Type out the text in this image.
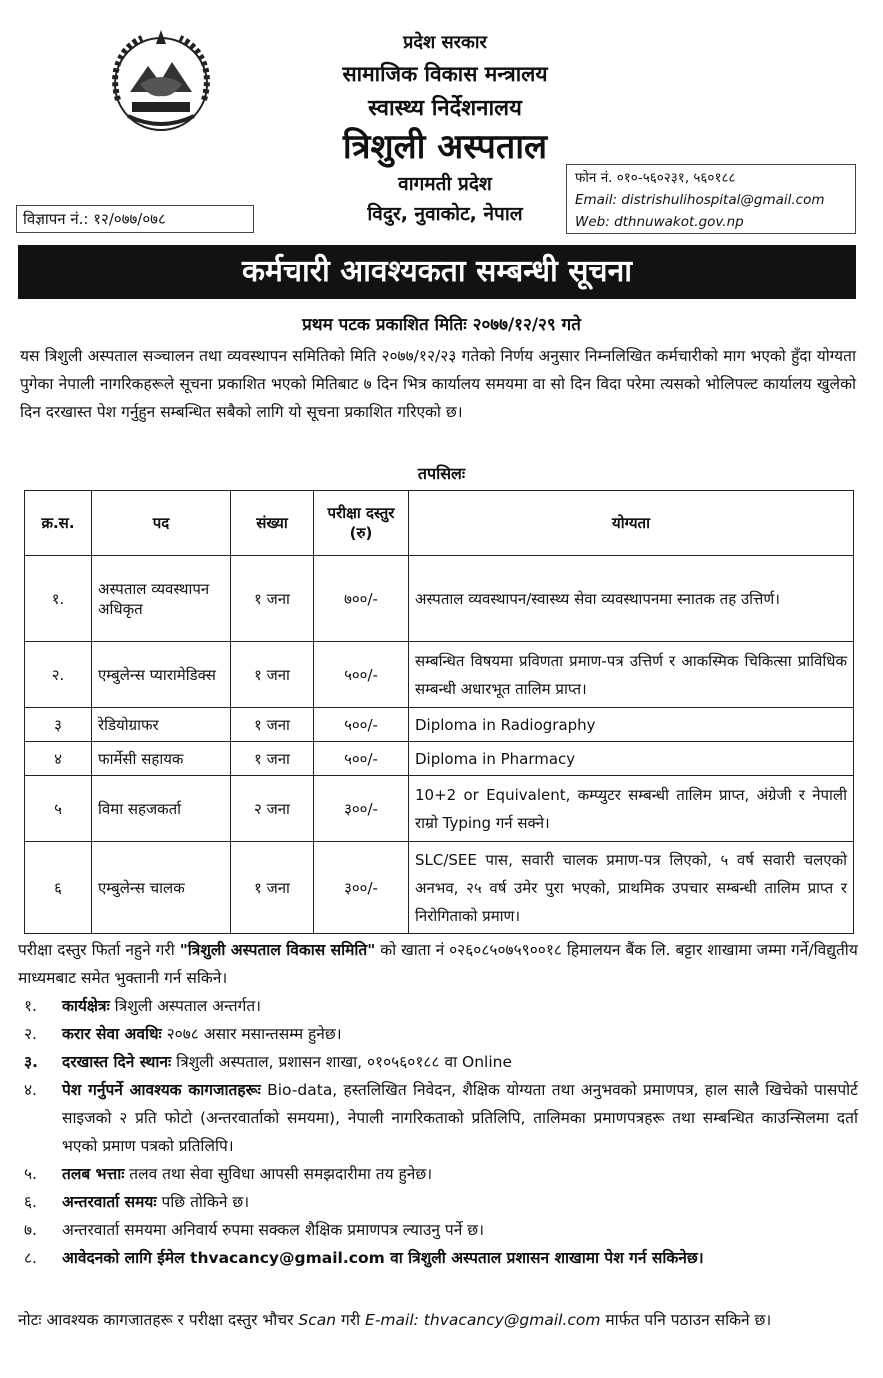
प्रदेश सरकार
सामाजिक विकास मन्त्रालय
स्वास्थ्य निर्देशनालय
त्रिशुली अस्पताल
वागमती प्रदेश
विदुर, नुवाकोट, नेपाल
फोन नं. ०१०-५६०२३१, ५६०१८८
Email: distrishulihospital@gmail.com
Web: dthnuwakot.gov.np
विज्ञापन नं.: १२/०७७/०७८
कर्मचारी आवश्यकता सम्बन्धी सूचना
प्रथम पटक प्रकाशित मितिः २०७७/१२/२९ गते
यस त्रिशुली अस्पताल सञ्चालन तथा व्यवस्थापन समितिको मिति २०७७/१२/२३ गतेको निर्णय अनुसार निम्नलिखित कर्मचारीको माग भएको हुँदा योग्यता पुगेका नेपाली नागरिकहरूले सूचना प्रकाशित भएको मितिबाट ७ दिन भित्र कार्यालय समयमा वा सो दिन विदा परेमा त्यसको भोलिपल्ट कार्यालय खुलेको दिन दरखास्त पेश गर्नुहुन सम्बन्धित सबैको लागि यो सूचना प्रकाशित गरिएको छ।
तपसिलः
क्र.स.	पद	संख्या	परीक्षा दस्तुर (रु)	योग्यता
१.	अस्पताल व्यवस्थापन अधिकृत	१ जना	७००/-	अस्पताल व्यवस्थापन/स्वास्थ्य सेवा व्यवस्थापनमा स्नातक तह उत्तिर्ण।
२.	एम्बुलेन्स प्यारामेडिक्स	१ जना	५००/-	सम्बन्धित विषयमा प्रविणता प्रमाण-पत्र उत्तिर्ण र आकस्मिक चिकित्सा प्राविधिक सम्बन्धी अधारभूत तालिम प्राप्त।
३	रेडियोग्राफर	१ जना	५००/-	Diploma in Radiography
४	फार्मेसी सहायक	१ जना	५००/-	Diploma in Pharmacy
५	विमा सहजकर्ता	२ जना	३००/-	10+2 or Equivalent, कम्प्युटर सम्बन्धी तालिम प्राप्त, अंग्रेजी र नेपाली राम्रो Typing गर्न सक्ने।
६	एम्बुलेन्स चालक	१ जना	३००/-	SLC/SEE पास, सवारी चालक प्रमाण-पत्र लिएको, ५ वर्ष सवारी चलएको अनभव, २५ वर्ष उमेर पुरा भएको, प्राथमिक उपचार सम्बन्धी तालिम प्राप्त र निरोगिताको प्रमाण।
परीक्षा दस्तुर फिर्ता नहुने गरी "त्रिशुली अस्पताल विकास समिति" को खाता नं ०२६०८५०७५९००१८ हिमालयन बैंक लि. बट्टार शाखामा जम्मा गर्ने/विद्युतीय माध्यमबाट समेत भुक्तानी गर्न सकिने।
१.	कार्यक्षेत्रः त्रिशुली अस्पताल अन्तर्गत।
२.	करार सेवा अवधिः २०७८ असार मसान्तसम्म हुनेछ।
३.	दरखास्त दिने स्थानः त्रिशुली अस्पताल, प्रशासन शाखा, ०१०५६०१८८ वा Online
४.	पेश गर्नुपर्ने आवश्यक कागजातहरूः Bio-data, हस्तलिखित निवेदन, शैक्षिक योग्यता तथा अनुभवको प्रमाणपत्र, हाल सालै खिचेको पासपोर्ट साइजको २ प्रति फोटो (अन्तरवार्ताको समयमा), नेपाली नागरिकताको प्रतिलिपि, तालिमका प्रमाणपत्रहरू तथा सम्बन्धित काउन्सिलमा दर्ता भएको प्रमाण पत्रको प्रतिलिपि।
५.	तलब भत्ताः तलव तथा सेवा सुविधा आपसी समझदारीमा तय हुनेछ।
६.	अन्तरवार्ता समयः पछि तोकिने छ।
७.	अन्तरवार्ता समयमा अनिवार्य रुपमा सक्कल शैक्षिक प्रमाणपत्र ल्याउनु पर्ने छ।
८.	आवेदनको लागि ईमेल thvacancy@gmail.com वा त्रिशुली अस्पताल प्रशासन शाखामा पेश गर्न सकिनेछ।
नोटः आवश्यक कागजातहरू र परीक्षा दस्तुर भौचर Scan गरी E-mail: thvacancy@gmail.com मार्फत पनि पठाउन सकिने छ।
